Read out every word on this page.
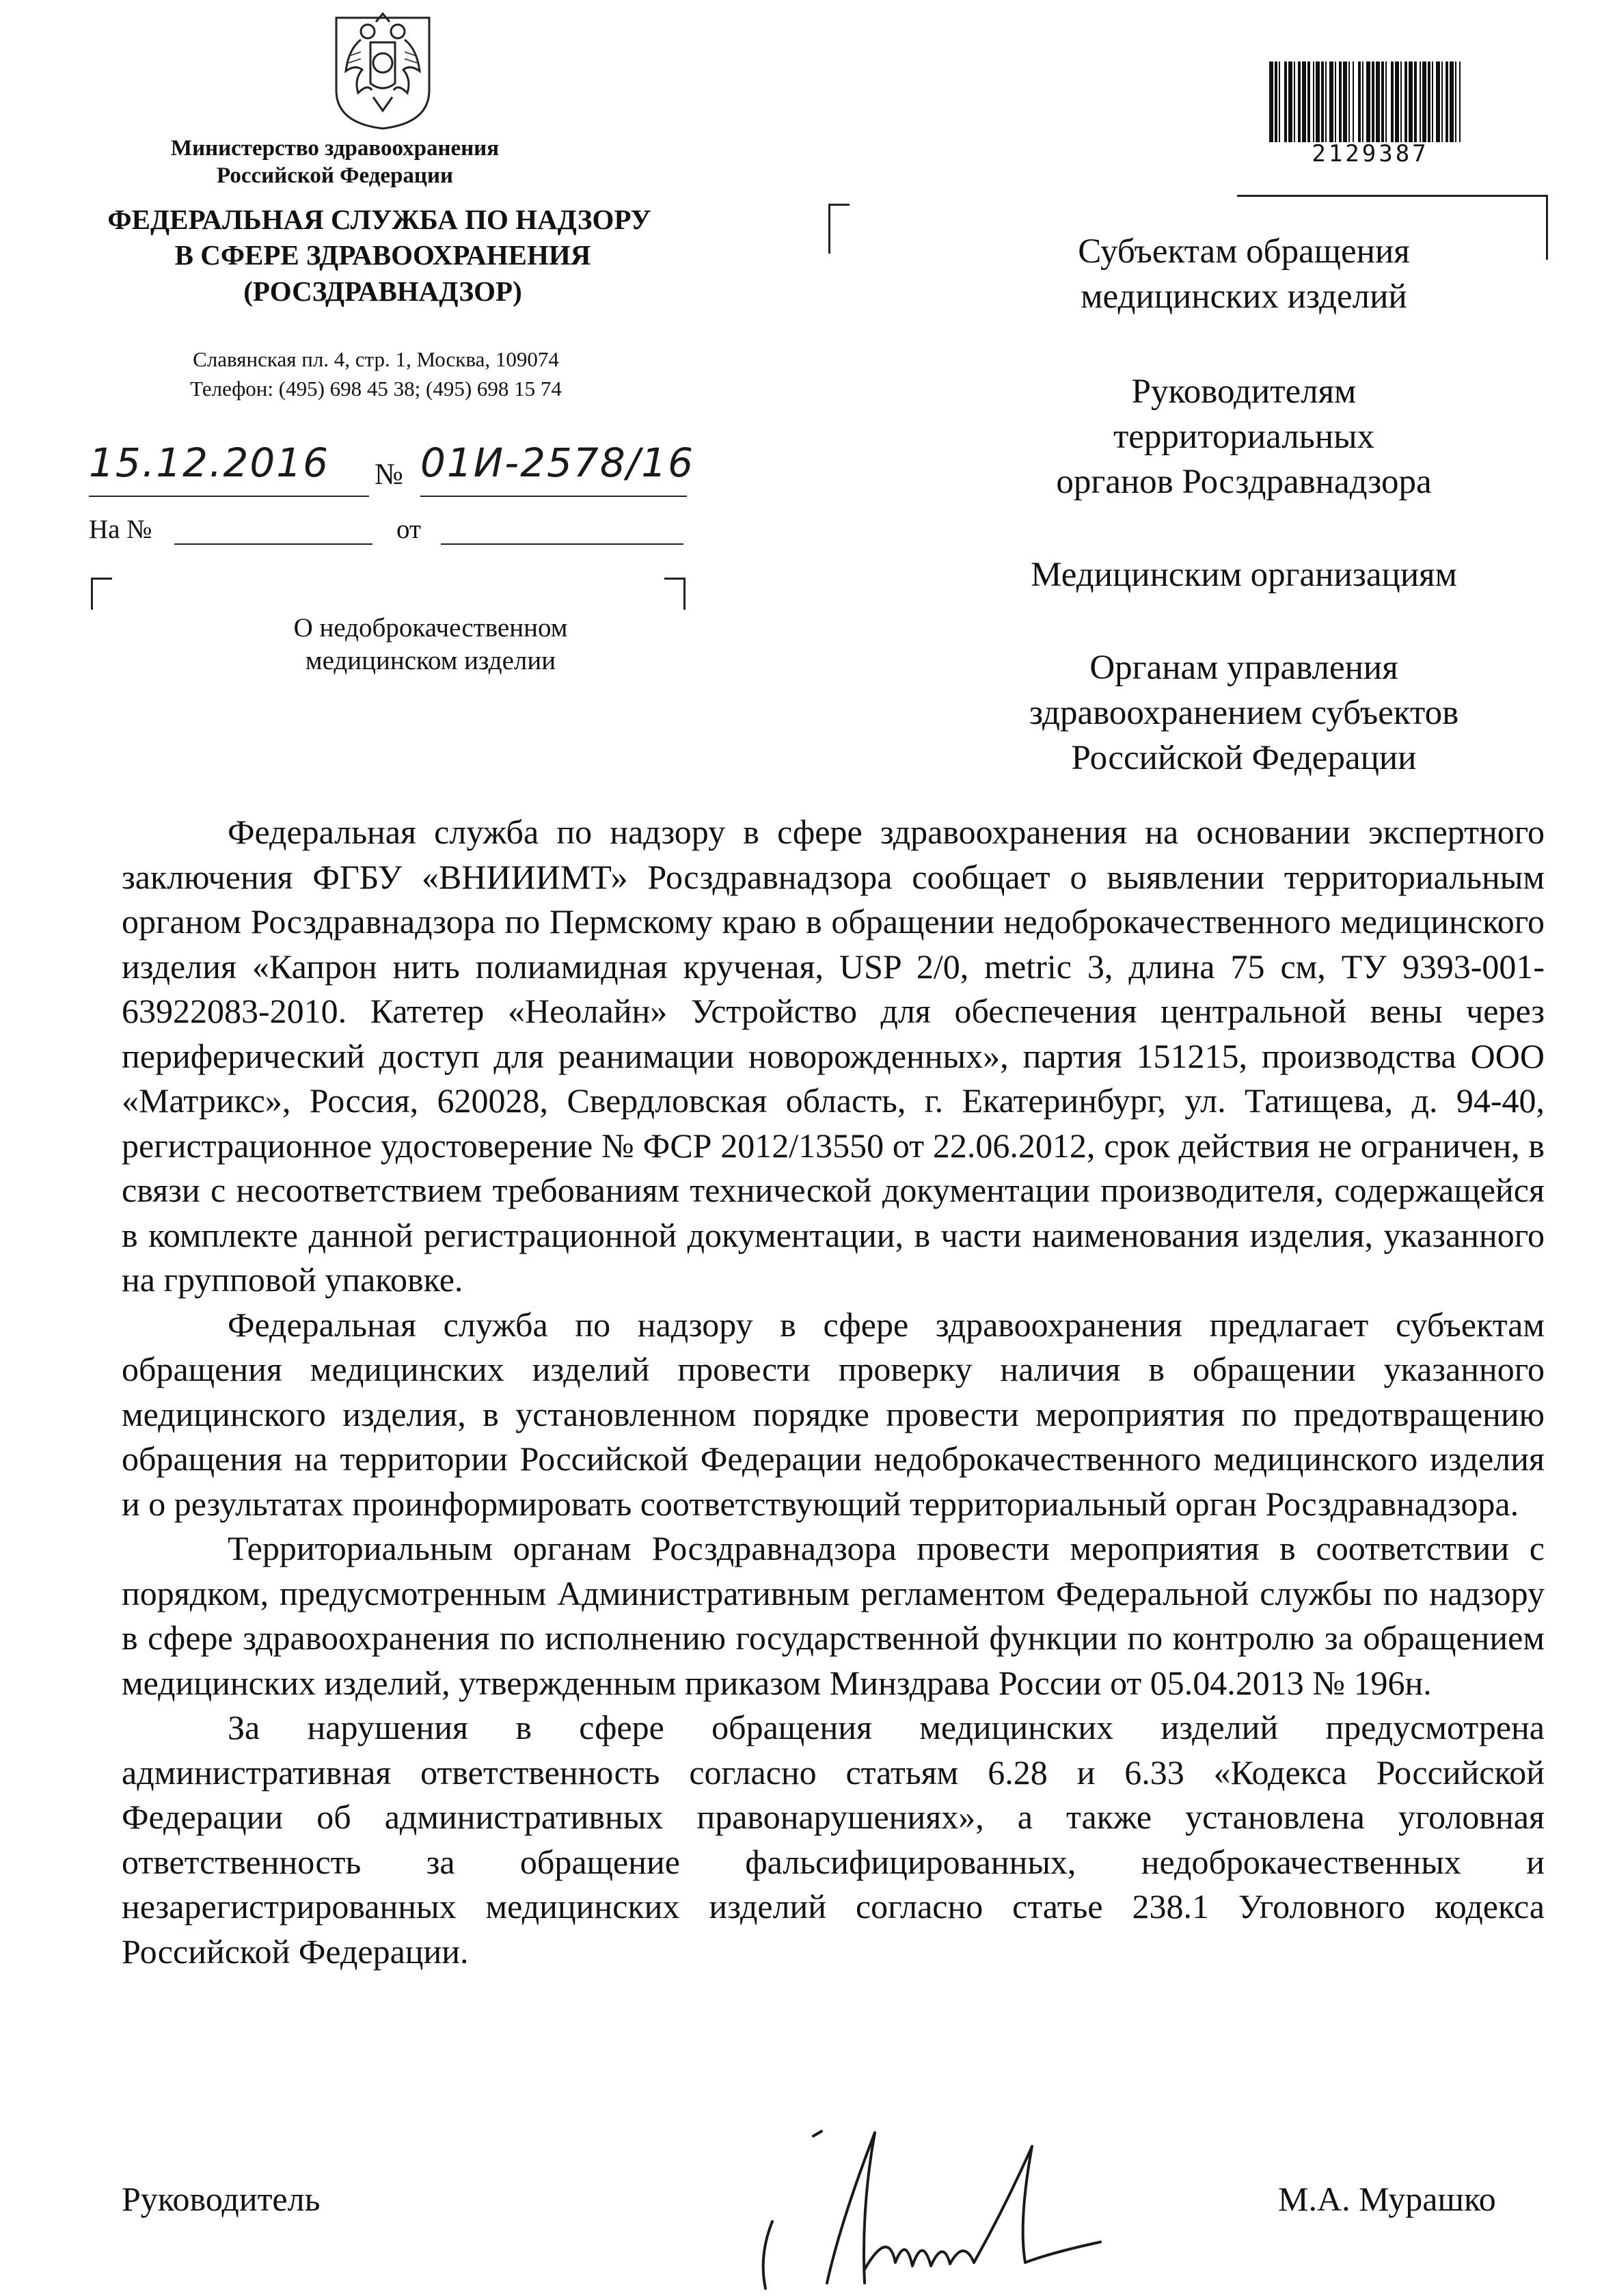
Министерство здравоохранения
Российской Федерации
ФЕДЕРАЛЬНАЯ СЛУЖБА ПО НАДЗОРУ
В СФЕРЕ ЗДРАВООХРАНЕНИЯ
(РОСЗДРАВНАДЗОР)
Славянская пл. 4, стр. 1, Москва, 109074
Телефон: (495) 698 45 38; (495) 698 15 74
15.12.2016	№ 01И-2578/16
На №	от
О недоброкачественном
медицинском изделии
2129387
Субъектам обращения
медицинских изделий
Руководителям
территориальных
органов Росздравнадзора
Медицинским организациям
Органам управления
здравоохранением субъектов
Российской Федерации

Федеральная служба по надзору в сфере здравоохранения на основании экспертного заключения ФГБУ «ВНИИИМТ» Росздравнадзора сообщает о выявлении территориальным органом Росздравнадзора по Пермскому краю в обращении недоброкачественного медицинского изделия «Капрон нить полиамидная крученая, USP 2/0, metric 3, длина 75 см, ТУ 9393-001-63922083-2010. Катетер «Неолайн» Устройство для обеспечения центральной вены через периферический доступ для реанимации новорожденных», партия 151215, производства ООО «Матрикс», Россия, 620028, Свердловская область, г. Екатеринбург, ул. Татищева, д. 94-40, регистрационное удостоверение № ФСР 2012/13550 от 22.06.2012, срок действия не ограничен, в связи с несоответствием требованиям технической документации производителя, содержащейся в комплекте данной регистрационной документации, в части наименования изделия, указанного на групповой упаковке.

Федеральная служба по надзору в сфере здравоохранения предлагает субъектам обращения медицинских изделий провести проверку наличия в обращении указанного медицинского изделия, в установленном порядке провести мероприятия по предотвращению обращения на территории Российской Федерации недоброкачественного медицинского изделия и о результатах проинформировать соответствующий территориальный орган Росздравнадзора.

Территориальным органам Росздравнадзора провести мероприятия в соответствии с порядком, предусмотренным Административным регламентом Федеральной службы по надзору в сфере здравоохранения по исполнению государственной функции по контролю за обращением медицинских изделий, утвержденным приказом Минздрава России от 05.04.2013 № 196н.

За нарушения в сфере обращения медицинских изделий предусмотрена административная ответственность согласно статьям 6.28 и 6.33 «Кодекса Российской Федерации об административных правонарушениях», а также установлена уголовная ответственность за обращение фальсифицированных, недоброкачественных и незарегистрированных медицинских изделий согласно статье 238.1 Уголовного кодекса Российской Федерации.

Руководитель	М.А. Мурашко
